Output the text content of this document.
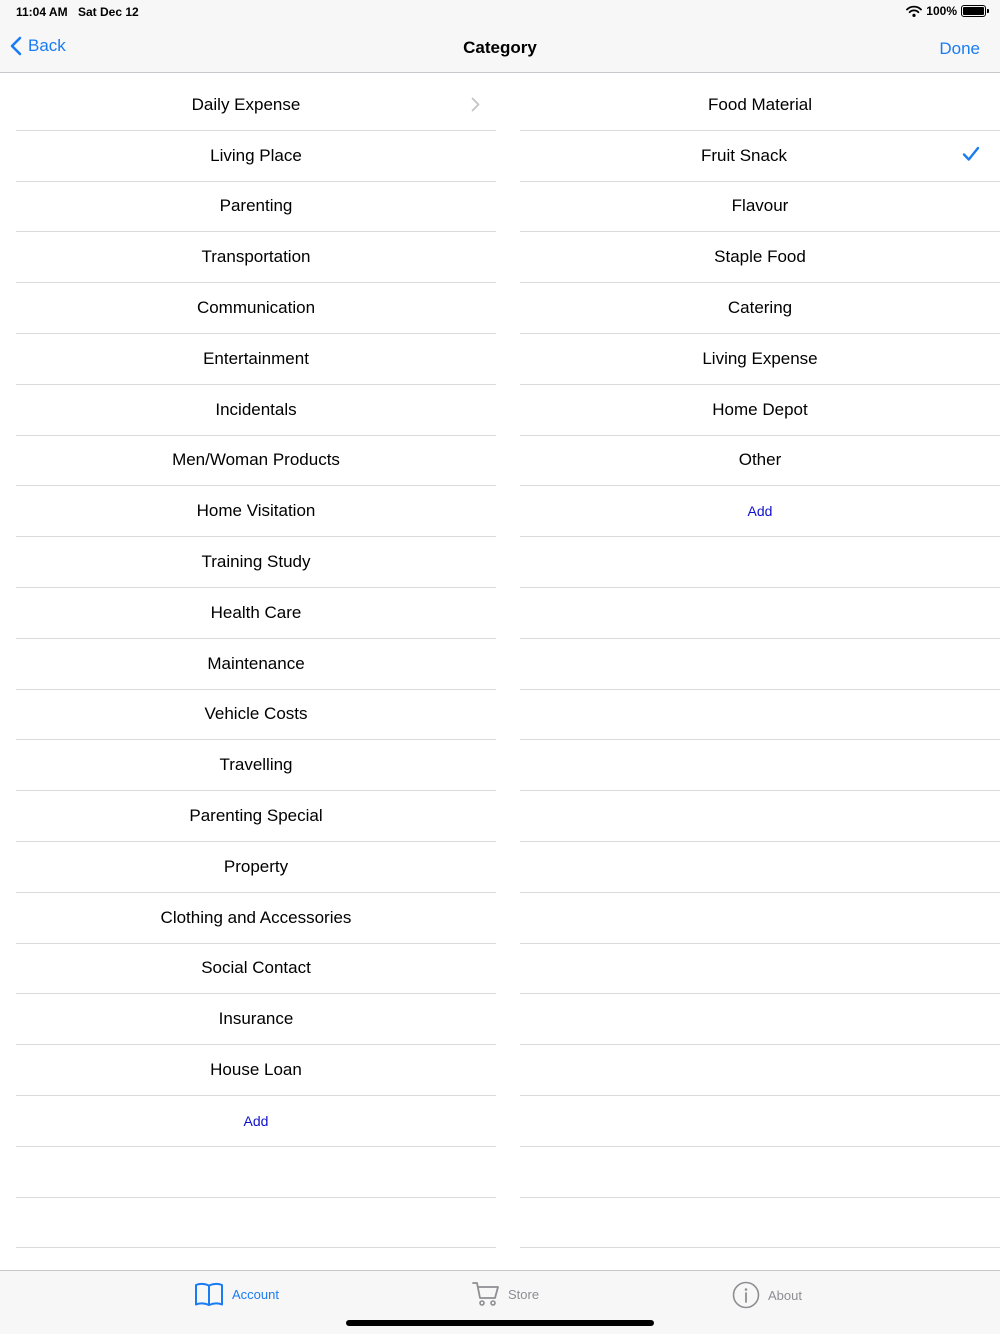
11:04 AM Sat Dec 12	100%
Back	Category	Done
Daily Expense
Living Place
Parenting
Transportation
Communication
Entertainment
Incidentals
Men/Woman Products
Home Visitation
Training Study
Health Care
Maintenance
Vehicle Costs
Travelling
Parenting Special
Property
Clothing and Accessories
Social Contact
Insurance
House Loan
Add
Food Material
Fruit Snack
Flavour
Staple Food
Catering
Living Expense
Home Depot
Other
Add
Account	Store	About
